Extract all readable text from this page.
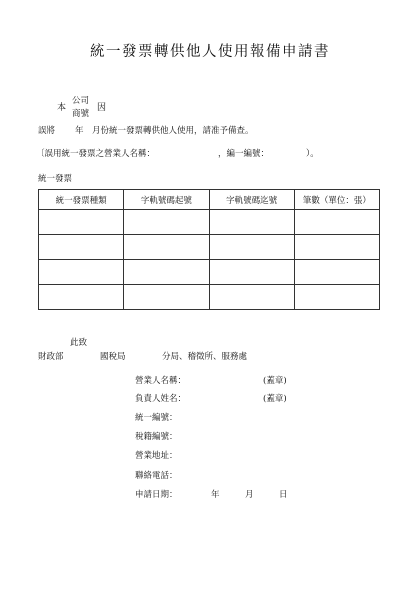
統一發票轉供他人使用報備申請書
本
公司
商號
因
誤將 年 月份統一發票轉供他人使用，請准予備查。
〔誤用統一發票之營業人名稱：	，編一編號：	）。
統一發票
統一發票種類	字軌號碼起號	字軌號碼迄號	筆數（單位：張）

此致
財政部	國稅局	分局、稽徵所、服務處
營業人名稱：	(蓋章)
負責人姓名：	(蓋章)
統一編號：
稅籍編號：
營業地址：
聯絡電話：
申請日期：	年	月	日
